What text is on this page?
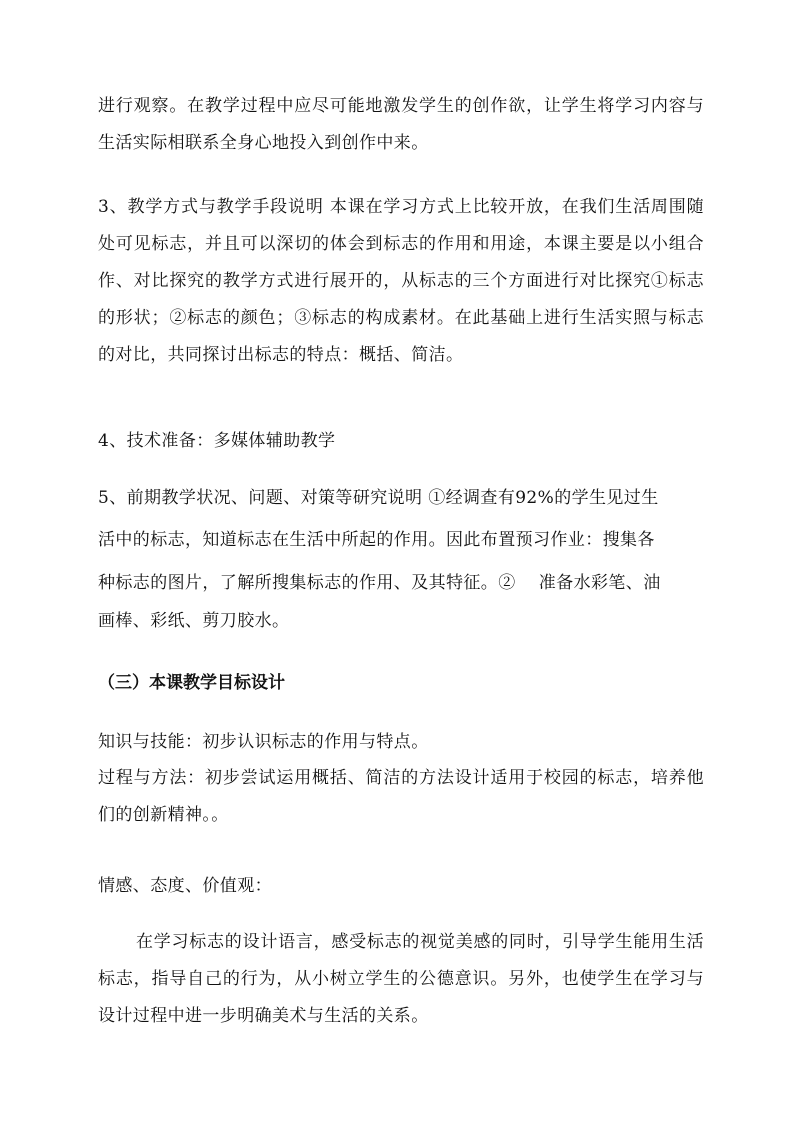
进行观察。在教学过程中应尽可能地激发学生的创作欲，让学生将学习内容与生活实际相联系全身心地投入到创作中来。

3、教学方式与教学手段说明 本课在学习方式上比较开放，在我们生活周围随处可见标志，并且可以深切的体会到标志的作用和用途，本课主要是以小组合作、对比探究的教学方式进行展开的，从标志的三个方面进行对比探究①标志的形状；②标志的颜色；③标志的构成素材。在此基础上进行生活实照与标志的对比，共同探讨出标志的特点：概括、简洁。

4、技术准备：多媒体辅助教学

5、前期教学状况、问题、对策等研究说明 ①经调查有92%的学生见过生

活中的标志，知道标志在生活中所起的作用。因此布置预习作业：搜集各

种标志的图片，了解所搜集标志的作用、及其特征。②　 准备水彩笔、油

画棒、彩纸、剪刀胶水。

（三）本课教学目标设计

知识与技能：初步认识标志的作用与特点。

过程与方法：初步尝试运用概括、简洁的方法设计适用于校园的标志，培养他们的创新精神。。

情感、态度、价值观：

在学习标志的设计语言，感受标志的视觉美感的同时，引导学生能用生活标志，指导自己的行为，从小树立学生的公德意识。另外，也使学生在学习与设计过程中进一步明确美术与生活的关系。
